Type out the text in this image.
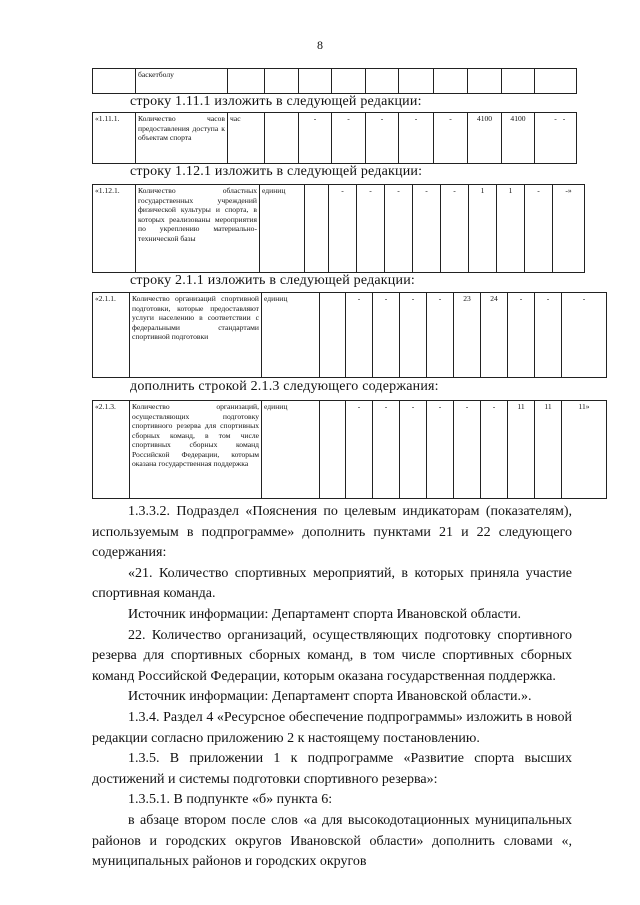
8
	баскетболу										
строку 1.11.1 изложить в следующей редакции:
«1.11.1.	Количество часов предоставления доступа к объектам спорта	час		-	-	-	-	-	4100	4100	- -
строку 1.12.1 изложить в следующей редакции:
«1.12.1.	Количество областных государственных учреждений физической культуры и спорта, в которых реализованы мероприятия по укреплению материально-технической базы	единиц		-	-	-	-	-	1	1	-	-»
строку 2.1.1 изложить в следующей редакции:
«2.1.1.	Количество организаций спортивной подготовки, которые предоставляют услуги населению в соответствии с федеральными стандартами спортивной подготовки	единиц		-	-	-	-	23	24	-	-	-
дополнить строкой 2.1.3 следующего содержания:
«2.1.3.	Количество организаций, осуществляющих подготовку спортивного резерва для спортивных сборных команд, в том числе спортивных сборных команд Российской Федерации, которым оказана государственная поддержка	единиц		-	-	-	-	-	-	11	11	11»

1.3.3.2. Подраздел «Пояснения по целевым индикаторам (показателям), используемым в подпрограмме» дополнить пунктами 21 и 22 следующего содержания:

«21. Количество спортивных мероприятий, в которых приняла участие спортивная команда.

Источник информации: Департамент спорта Ивановской области.

22. Количество организаций, осуществляющих подготовку спортивного резерва для спортивных сборных команд, в том числе спортивных сборных команд Российской Федерации, которым оказана государственная поддержка.

Источник информации: Департамент спорта Ивановской области.».

1.3.4. Раздел 4 «Ресурсное обеспечение подпрограммы» изложить в новой редакции согласно приложению 2 к настоящему постановлению.

1.3.5. В приложении 1 к подпрограмме «Развитие спорта высших достижений и системы подготовки спортивного резерва»:

1.3.5.1. В подпункте «б» пункта 6:

в абзаце втором после слов «а для высокодотационных муниципальных районов и городских округов Ивановской области» дополнить словами «, муниципальных районов и городских округов
